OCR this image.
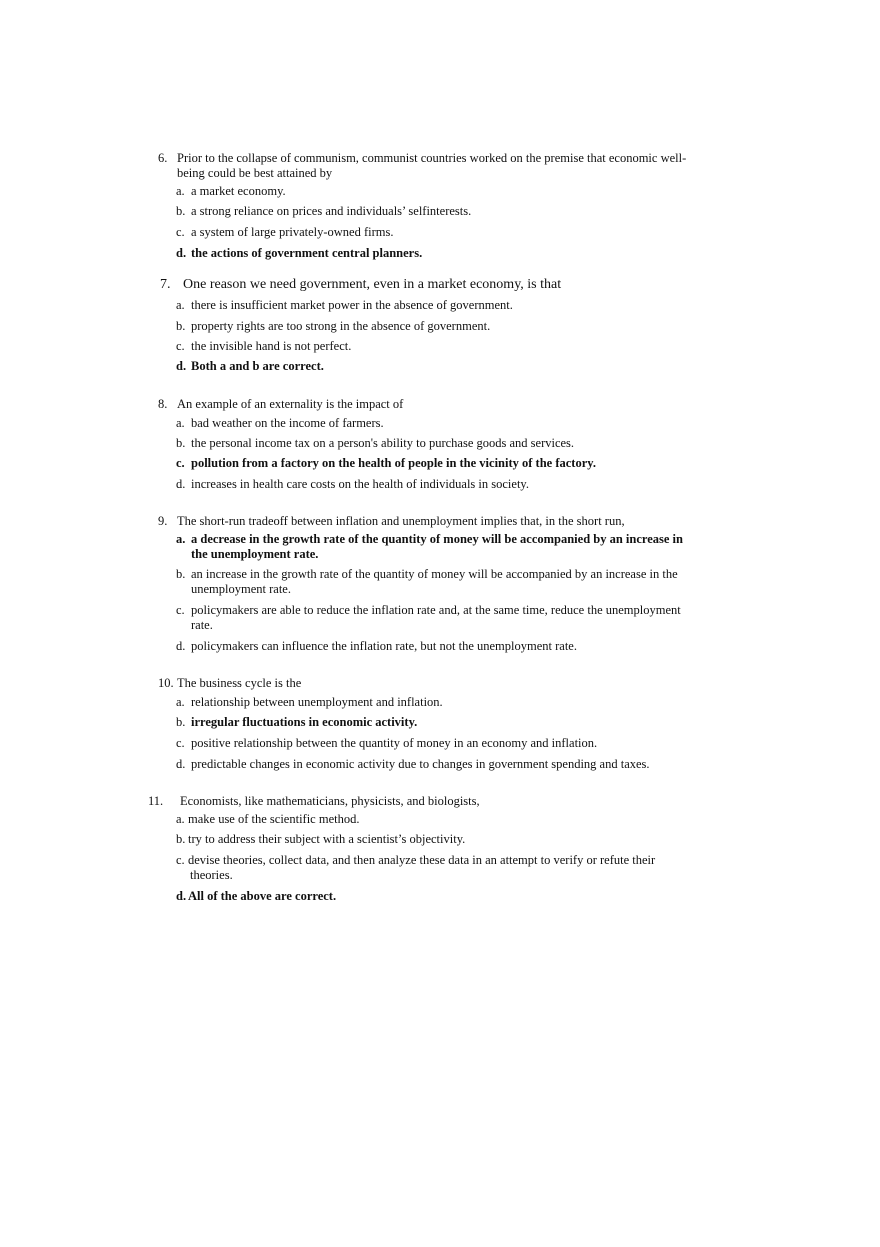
6. Prior to the collapse of communism, communist countries worked on the premise that economic well-
being could be best attained by
a. a market economy.
b. a strong reliance on prices and individuals’ selfinterests.
c. a system of large privately-owned firms.
d. the actions of government central planners.
7. One reason we need government, even in a market economy, is that
a. there is insufficient market power in the absence of government.
b. property rights are too strong in the absence of government.
c. the invisible hand is not perfect.
d. Both a and b are correct.
8. An example of an externality is the impact of
a. bad weather on the income of farmers.
b. the personal income tax on a person's ability to purchase goods and services.
c. pollution from a factory on the health of people in the vicinity of the factory.
d. increases in health care costs on the health of individuals in society.
9. The short-run tradeoff between inflation and unemployment implies that, in the short run,
a. a decrease in the growth rate of the quantity of money will be accompanied by an increase in
the unemployment rate.
b. an increase in the growth rate of the quantity of money will be accompanied by an increase in the
unemployment rate.
c. policymakers are able to reduce the inflation rate and, at the same time, reduce the unemployment
rate.
d. policymakers can influence the inflation rate, but not the unemployment rate.
10. The business cycle is the
a. relationship between unemployment and inflation.
b. irregular fluctuations in economic activity.
c. positive relationship between the quantity of money in an economy and inflation.
d. predictable changes in economic activity due to changes in government spending and taxes.
11. Economists, like mathematicians, physicists, and biologists,
a. make use of the scientific method.
b. try to address their subject with a scientist’s objectivity.
c. devise theories, collect data, and then analyze these data in an attempt to verify or refute their
theories.
d. All of the above are correct.
